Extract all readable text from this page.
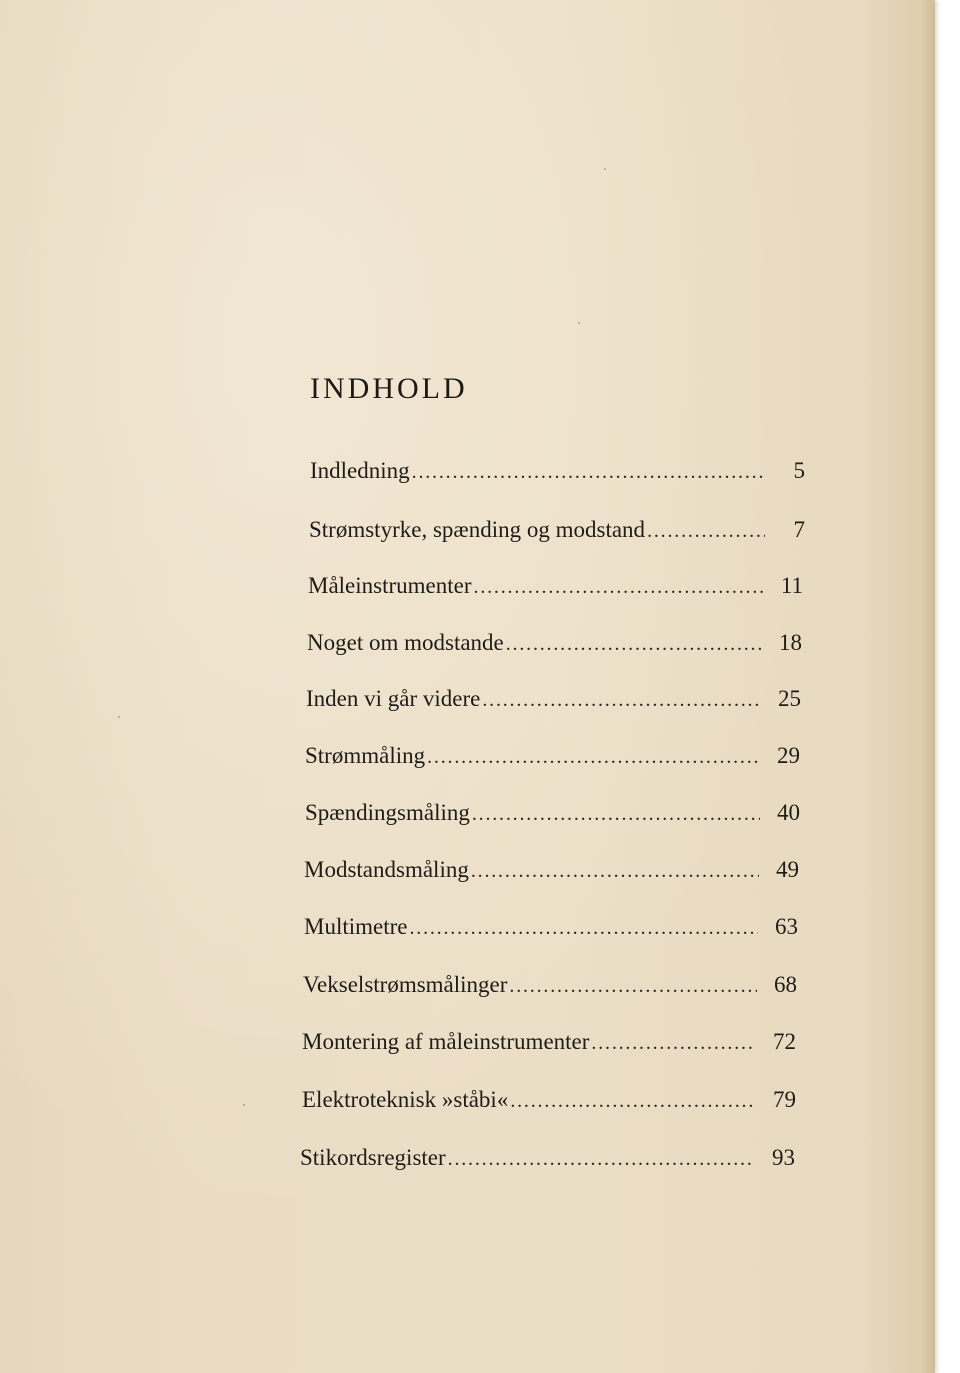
INDHOLD
Indledning . . .	5
Strømstyrke, spænding og modstand . . .	7
Måleinstrumenter . . .	11
Noget om modstande . . .	18
Inden vi går videre . . .	25
Strømmåling . . .	29
Spændingsmåling . . .	40
Modstandsmåling . . .	49
Multimetre . . .	63
Vekselstrømsmålinger . . .	68
Montering af måleinstrumenter . . .	72
Elektroteknisk »ståbi« . . .	79
Stikordsregister . . .	93
